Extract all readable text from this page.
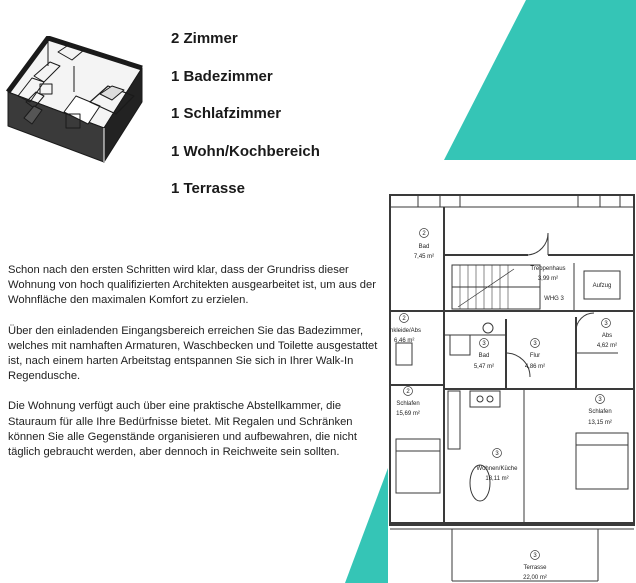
2 Zimmer
1 Badezimmer
1 Schlafzimmer
1 Wohn/Kochbereich
1 Terrasse

Schon nach den ersten Schritten wird klar, dass der Grundriss dieser Wohnung von hoch qualifizierten Architekten ausgearbeitet ist, um aus der Wohnfläche den maximalen Komfort zu erzielen.

Über den einladenden Eingangsbereich erreichen Sie das Badezimmer, welches mit namhaften Armaturen, Waschbecken und Toilette ausgestattet ist, nach einem harten Arbeitstag entspannen Sie sich in Ihrer Walk-In Regendusche.

Die Wohnung verfügt auch über eine praktische Abstellkammer, die Stauraum für alle Ihre Bedürfnisse bietet. Mit Regalen und Schränken können Sie alle Gegenstände organisieren und aufbewahren, die nicht täglich gebraucht werden, aber dennoch in Reichweite sein sollten.

2
Bad
7,45 m²
Treppenhaus
3,99 m²
WHG 3
Aufzug
2
nkleide/Abs
6,46 m²
3
Abs
4,62 m²
3
Bad
5,47 m²
3
Flur
4,86 m²
2
Schlafen
15,69 m²
3
Schlafen
13,15 m²
3
Wohnen/Küche
18,11 m²
3
Terrasse
22,00 m²
